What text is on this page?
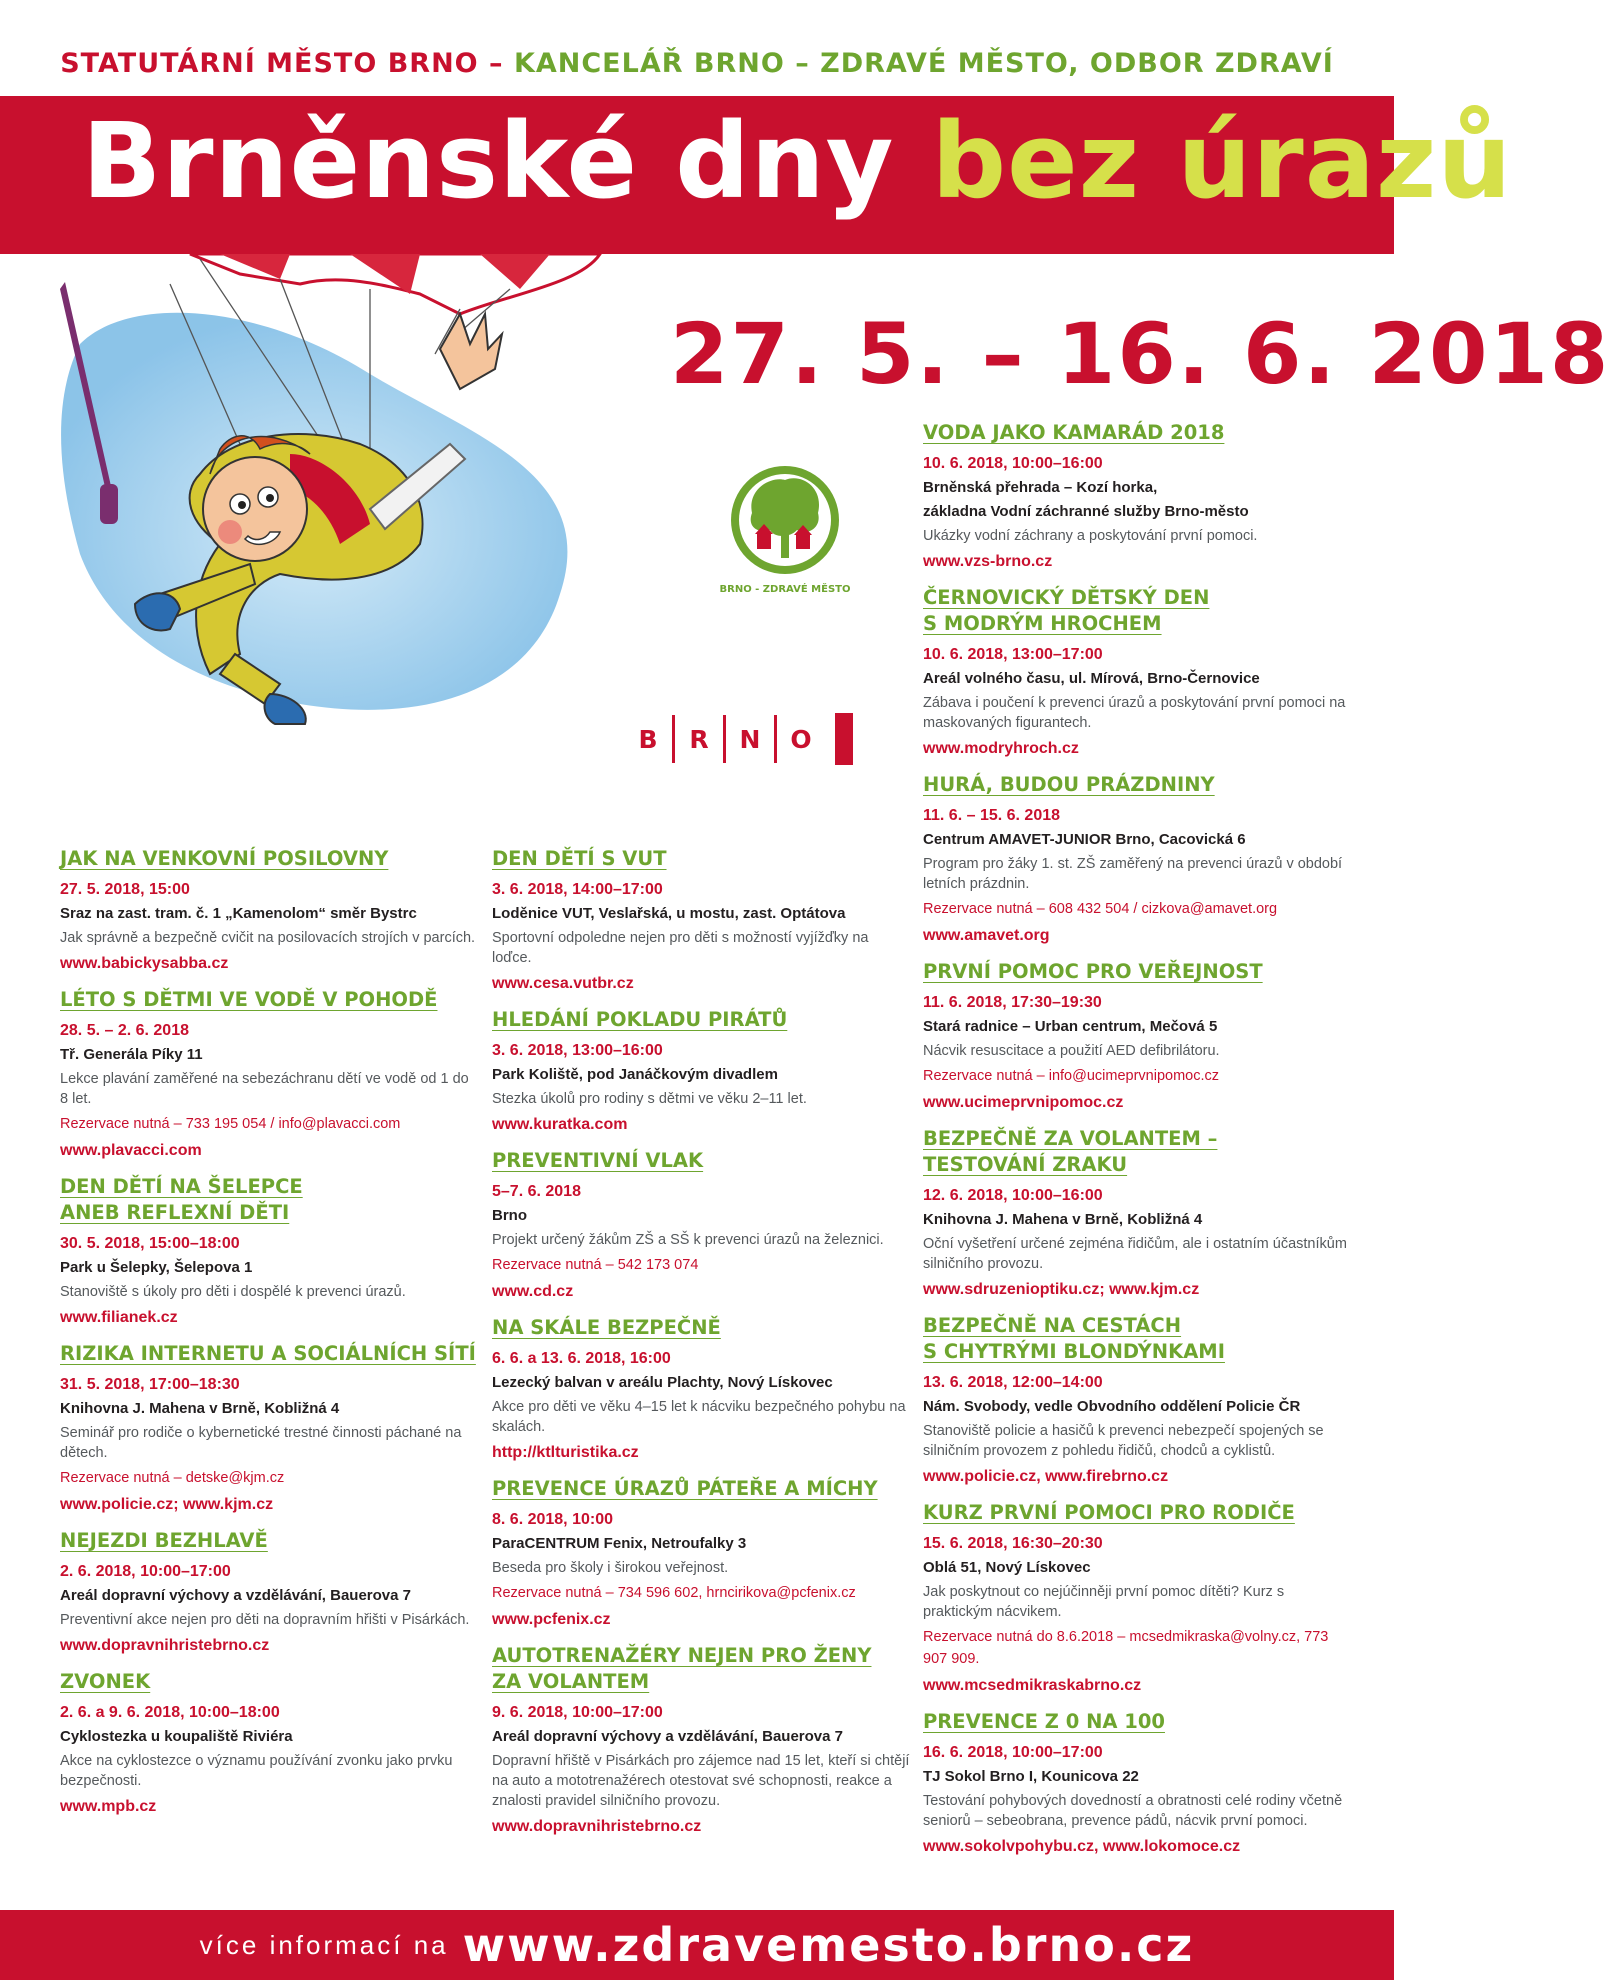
STATUTÁRNÍ MĚSTO BRNO – KANCELÁŘ BRNO – ZDRAVÉ MĚSTO, ODBOR ZDRAVÍ
Brněnské dny bez úrazů
27. 5. – 16. 6. 2018
BRNO - ZDRAVÉ MĚSTO
B	R	N	O
JAK NA VENKOVNÍ POSILOVNY
27. 5. 2018, 15:00
Sraz na zast. tram. č. 1 „Kamenolom“ směr Bystrc
Jak správně a bezpečně cvičit na posilovacích strojích v parcích.
www.babickysabba.cz
LÉTO S DĚTMI VE VODĚ V POHODĚ
28. 5. – 2. 6. 2018
Tř. Generála Píky 11
Lekce plavání zaměřené na sebezáchranu dětí ve vodě od 1 do 8 let.
Rezervace nutná – 733 195 054 / info@plavacci.com
www.plavacci.com
DEN DĚTÍ NA ŠELEPCE
ANEB REFLEXNÍ DĚTI
30. 5. 2018, 15:00–18:00
Park u Šelepky, Šelepova 1
Stanoviště s úkoly pro děti i dospělé k prevenci úrazů.
www.filianek.cz
RIZIKA INTERNETU A SOCIÁLNÍCH SÍTÍ
31. 5. 2018, 17:00–18:30
Knihovna J. Mahena v Brně, Kobližná 4
Seminář pro rodiče o kybernetické trestné činnosti páchané na dětech.
Rezervace nutná – detske@kjm.cz
www.policie.cz; www.kjm.cz
NEJEZDI BEZHLAVĚ
2. 6. 2018, 10:00–17:00
Areál dopravní výchovy a vzdělávání, Bauerova 7
Preventivní akce nejen pro děti na dopravním hřišti v Pisárkách.
www.dopravnihristebrno.cz
ZVONEK
2. 6. a 9. 6. 2018, 10:00–18:00
Cyklostezka u koupaliště Riviéra
Akce na cyklostezce o významu používání zvonku jako prvku bezpečnosti.
www.mpb.cz
DEN DĚTÍ S VUT
3. 6. 2018, 14:00–17:00
Loděnice VUT, Veslařská, u mostu, zast. Optátova
Sportovní odpoledne nejen pro děti s možností vyjížďky na loďce.
www.cesa.vutbr.cz
HLEDÁNÍ POKLADU PIRÁTŮ
3. 6. 2018, 13:00–16:00
Park Koliště, pod Janáčkovým divadlem
Stezka úkolů pro rodiny s dětmi ve věku 2–11 let.
www.kuratka.com
PREVENTIVNÍ VLAK
5–7. 6. 2018
Brno
Projekt určený žákům ZŠ a SŠ k prevenci úrazů na železnici.
Rezervace nutná – 542 173 074
www.cd.cz
NA SKÁLE BEZPEČNĚ
6. 6. a 13. 6. 2018, 16:00
Lezecký balvan v areálu Plachty, Nový Lískovec
Akce pro děti ve věku 4–15 let k nácviku bezpečného pohybu na skalách.
http://ktlturistika.cz
PREVENCE ÚRAZŮ PÁTEŘE A MÍCHY
8. 6. 2018, 10:00
ParaCENTRUM Fenix, Netroufalky 3
Beseda pro školy i širokou veřejnost.
Rezervace nutná – 734 596 602, hrncirikova@pcfenix.cz
www.pcfenix.cz
AUTOTRENAŽÉRY NEJEN PRO ŽENY
ZA VOLANTEM
9. 6. 2018, 10:00–17:00
Areál dopravní výchovy a vzdělávání, Bauerova 7
Dopravní hřiště v Pisárkách pro zájemce nad 15 let, kteří si chtějí na auto a mototrenažérech otestovat své schopnosti, reakce a znalosti pravidel silničního provozu.
www.dopravnihristebrno.cz
VODA JAKO KAMARÁD 2018
10. 6. 2018, 10:00–16:00
Brněnská přehrada – Kozí horka,
základna Vodní záchranné služby Brno-město
Ukázky vodní záchrany a poskytování první pomoci.
www.vzs-brno.cz
ČERNOVICKÝ DĚTSKÝ DEN
S MODRÝM HROCHEM
10. 6. 2018, 13:00–17:00
Areál volného času, ul. Mírová, Brno-Černovice
Zábava i poučení k prevenci úrazů a poskytování první pomoci na maskovaných figurantech.
www.modryhroch.cz
HURÁ, BUDOU PRÁZDNINY
11. 6. – 15. 6. 2018
Centrum AMAVET-JUNIOR Brno, Cacovická 6
Program pro žáky 1. st. ZŠ zaměřený na prevenci úrazů v období letních prázdnin.
Rezervace nutná – 608 432 504 / cizkova@amavet.org
www.amavet.org
PRVNÍ POMOC PRO VEŘEJNOST
11. 6. 2018, 17:30–19:30
Stará radnice – Urban centrum, Mečová 5
Nácvik resuscitace a použití AED defibrilátoru.
Rezervace nutná – info@ucimeprvnipomoc.cz
www.ucimeprvnipomoc.cz
BEZPEČNĚ ZA VOLANTEM –
TESTOVÁNÍ ZRAKU
12. 6. 2018, 10:00–16:00
Knihovna J. Mahena v Brně, Kobližná 4
Oční vyšetření určené zejména řidičům, ale i ostatním účastníkům silničního provozu.
www.sdruzenioptiku.cz; www.kjm.cz
BEZPEČNĚ NA CESTÁCH
S CHYTRÝMI BLONDÝNKAMI
13. 6. 2018, 12:00–14:00
Nám. Svobody, vedle Obvodního oddělení Policie ČR
Stanoviště policie a hasičů k prevenci nebezpečí spojených se silničním provozem z pohledu řidičů, chodců a cyklistů.
www.policie.cz, www.firebrno.cz
KURZ PRVNÍ POMOCI PRO RODIČE
15. 6. 2018, 16:30–20:30
Oblá 51, Nový Lískovec
Jak poskytnout co nejúčinněji první pomoc dítěti? Kurz s praktickým nácvikem.
Rezervace nutná do 8.6.2018 – mcsedmikraska@volny.cz, 773 907 909.
www.mcsedmikraskabrno.cz
PREVENCE Z 0 NA 100
16. 6. 2018, 10:00–17:00
TJ Sokol Brno I, Kounicova 22
Testování pohybových dovedností a obratnosti celé rodiny včetně seniorů – sebeobrana, prevence pádů, nácvik první pomoci.
www.sokolvpohybu.cz, www.lokomoce.cz
více informací na www.zdravemesto.brno.cz
